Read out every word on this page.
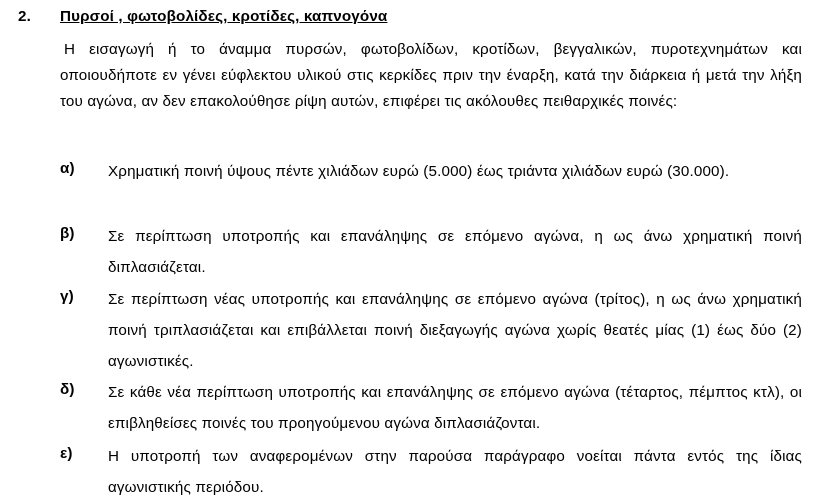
2. Πυρσοί , φωτοβολίδες, κροτίδες, καπνογόνα
Η εισαγωγή ή το άναμμα πυρσών, φωτοβολίδων, κροτίδων, βεγγαλικών, πυροτεχνημάτων και οποιουδήποτε εν γένει εύφλεκτου υλικού στις κερκίδες πριν την έναρξη, κατά την διάρκεια ή μετά την λήξη του αγώνα, αν δεν επακολούθησε ρίψη αυτών, επιφέρει τις ακόλουθες πειθαρχικές ποινές:
α) Χρηματική ποινή ύψους πέντε χιλιάδων ευρώ (5.000) έως τριάντα χιλιάδων ευρώ (30.000).
β) Σε περίπτωση υποτροπής και επανάληψης σε επόμενο αγώνα, η ως άνω χρηματική ποινή διπλασιάζεται.
γ) Σε περίπτωση νέας υποτροπής και επανάληψης σε επόμενο αγώνα (τρίτος), η ως άνω χρηματική ποινή τριπλασιάζεται και επιβάλλεται ποινή διεξαγωγής αγώνα χωρίς θεατές μίας (1) έως δύο (2) αγωνιστικές.
δ) Σε κάθε νέα περίπτωση υποτροπής και επανάληψης σε επόμενο αγώνα (τέταρτος, πέμπτος κτλ), οι επιβληθείσες ποινές του προηγούμενου αγώνα διπλασιάζονται.
ε) Η υποτροπή των αναφερομένων στην παρούσα παράγραφο νοείται πάντα εντός της ίδιας αγωνιστικής περιόδου.
